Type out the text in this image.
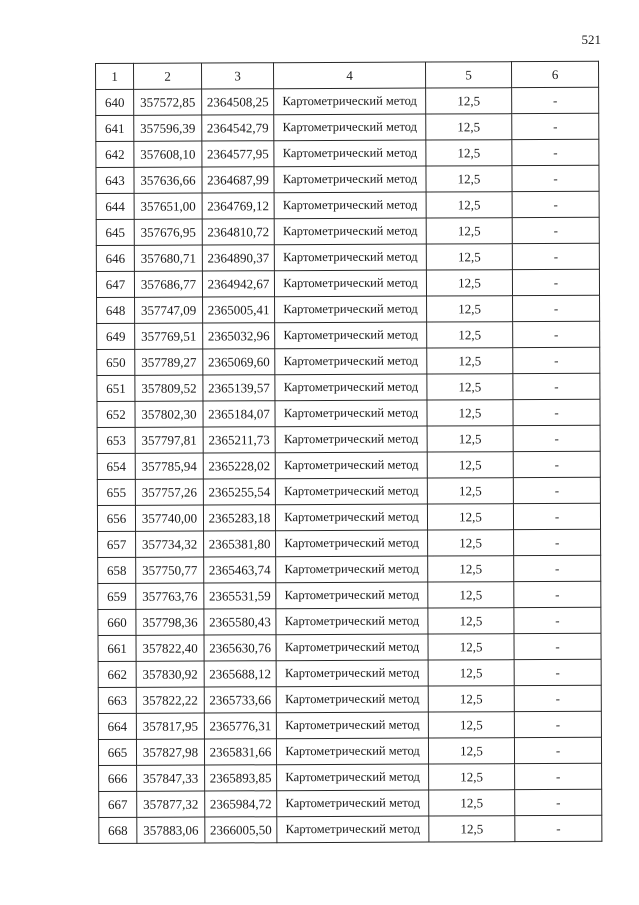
521
1	2	3	4	5	6
640	357572,85	2364508,25	Картометрический метод	12,5	-
641	357596,39	2364542,79	Картометрический метод	12,5	-
642	357608,10	2364577,95	Картометрический метод	12,5	-
643	357636,66	2364687,99	Картометрический метод	12,5	-
644	357651,00	2364769,12	Картометрический метод	12,5	-
645	357676,95	2364810,72	Картометрический метод	12,5	-
646	357680,71	2364890,37	Картометрический метод	12,5	-
647	357686,77	2364942,67	Картометрический метод	12,5	-
648	357747,09	2365005,41	Картометрический метод	12,5	-
649	357769,51	2365032,96	Картометрический метод	12,5	-
650	357789,27	2365069,60	Картометрический метод	12,5	-
651	357809,52	2365139,57	Картометрический метод	12,5	-
652	357802,30	2365184,07	Картометрический метод	12,5	-
653	357797,81	2365211,73	Картометрический метод	12,5	-
654	357785,94	2365228,02	Картометрический метод	12,5	-
655	357757,26	2365255,54	Картометрический метод	12,5	-
656	357740,00	2365283,18	Картометрический метод	12,5	-
657	357734,32	2365381,80	Картометрический метод	12,5	-
658	357750,77	2365463,74	Картометрический метод	12,5	-
659	357763,76	2365531,59	Картометрический метод	12,5	-
660	357798,36	2365580,43	Картометрический метод	12,5	-
661	357822,40	2365630,76	Картометрический метод	12,5	-
662	357830,92	2365688,12	Картометрический метод	12,5	-
663	357822,22	2365733,66	Картометрический метод	12,5	-
664	357817,95	2365776,31	Картометрический метод	12,5	-
665	357827,98	2365831,66	Картометрический метод	12,5	-
666	357847,33	2365893,85	Картометрический метод	12,5	-
667	357877,32	2365984,72	Картометрический метод	12,5	-
668	357883,06	2366005,50	Картометрический метод	12,5	-
